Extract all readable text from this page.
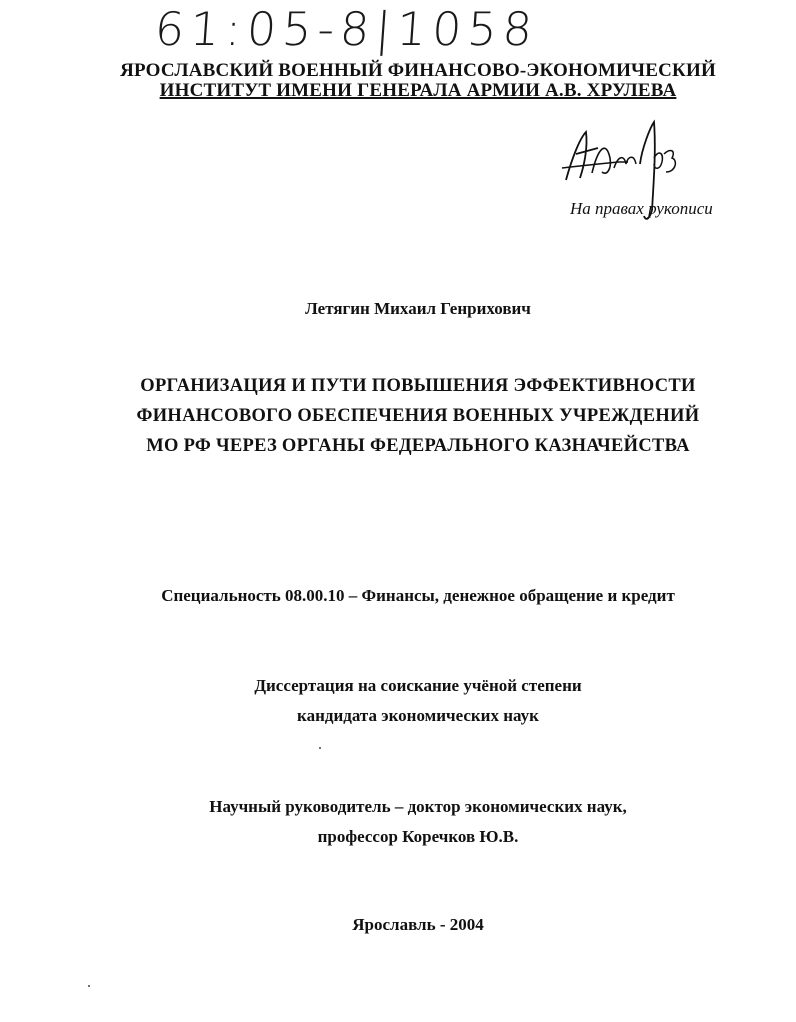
61:05-8|1058
ЯРОСЛАВСКИЙ ВОЕННЫЙ ФИНАНСОВО-ЭКОНОМИЧЕСКИЙ
ИНСТИТУТ ИМЕНИ ГЕНЕРАЛА АРМИИ А.В. ХРУЛЕВА
На правах рукописи
Летягин Михаил Генрихович
ОРГАНИЗАЦИЯ И ПУТИ ПОВЫШЕНИЯ ЭФФЕКТИВНОСТИ
ФИНАНСОВОГО ОБЕСПЕЧЕНИЯ ВОЕННЫХ УЧРЕЖДЕНИЙ
МО РФ ЧЕРЕЗ ОРГАНЫ ФЕДЕРАЛЬНОГО КАЗНАЧЕЙСТВА
Специальность 08.00.10 – Финансы, денежное обращение и кредит
Диссертация на соискание учёной степени
кандидата экономических наук
Научный руководитель – доктор экономических наук,
профессор Коречков Ю.В.
Ярославль - 2004
